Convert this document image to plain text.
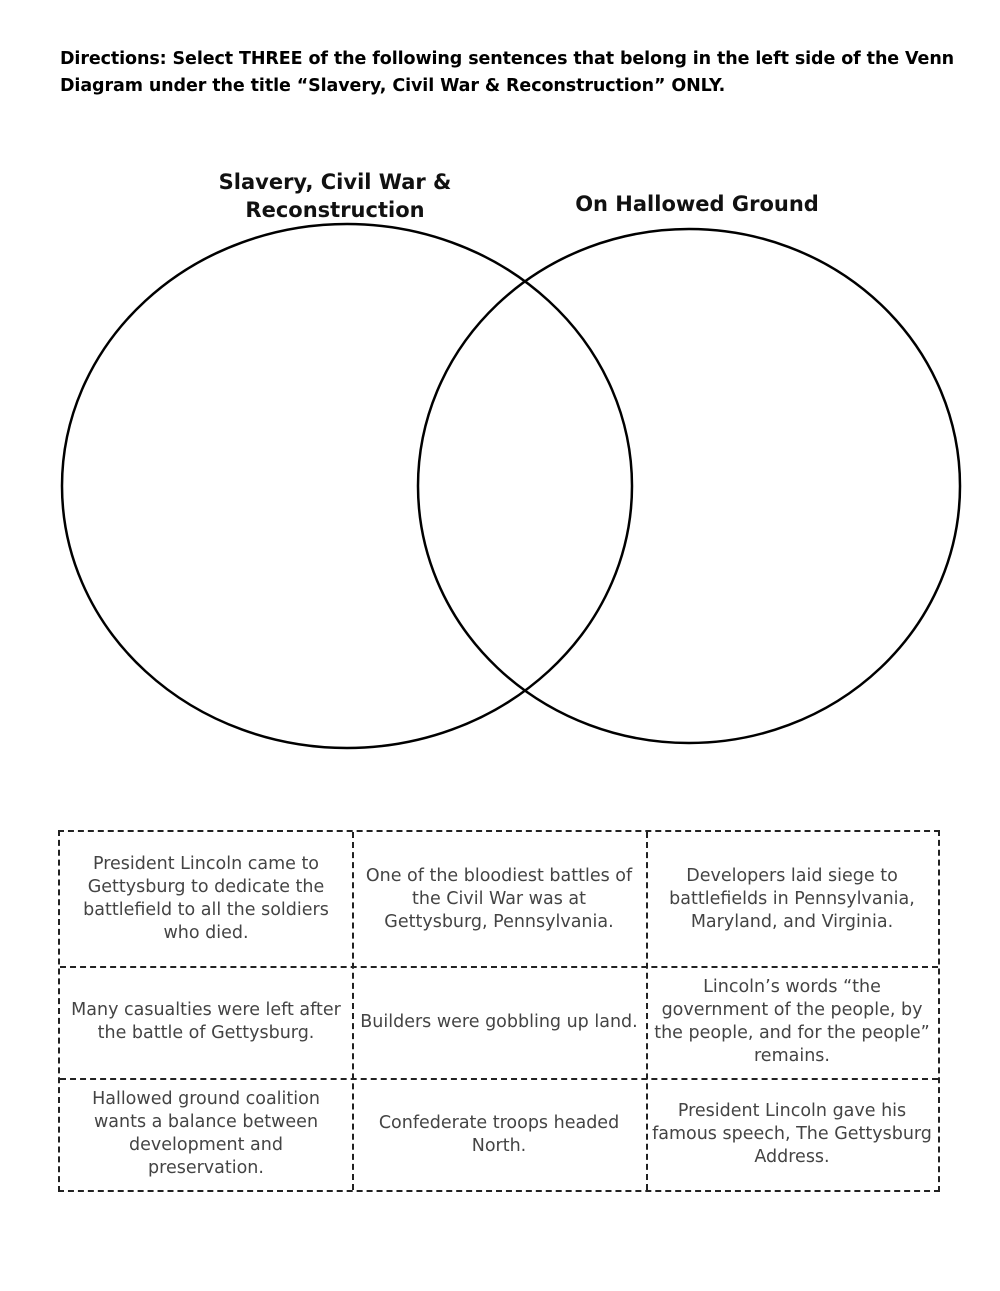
Directions: Select THREE of the following sentences that belong in the left side of the Venn Diagram under the title “Slavery, Civil War & Reconstruction” ONLY.
Slavery, Civil War &
Reconstruction	On Hallowed Ground
President Lincoln came to Gettysburg to dedicate the battlefield to all the soldiers who died.
One of the bloodiest battles of the Civil War was at Gettysburg, Pennsylvania.
Developers laid siege to battlefields in Pennsylvania, Maryland, and Virginia.
Many casualties were left after the battle of Gettysburg.
Builders were gobbling up land.
Lincoln’s words “the government of the people, by the people, and for the people” remains.
Hallowed ground coalition wants a balance between development and preservation.
Confederate troops headed North.
President Lincoln gave his famous speech, The Gettysburg Address.
